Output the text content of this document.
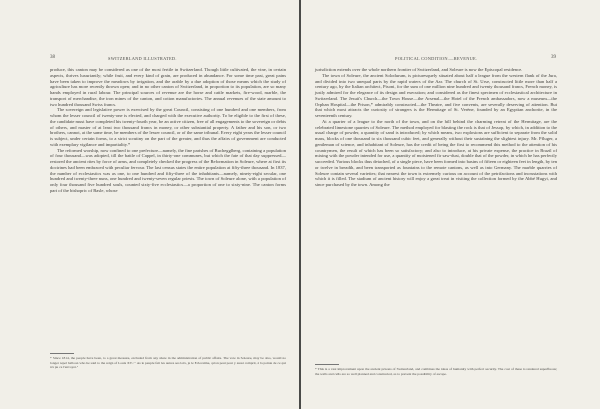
38	SWITZERLAND ILLUSTRATED.

produce, this canton may be considered as one of the most fertile in Switzerland. Though little cultivated, the vine, in certain aspects, thrives luxuriantly; while fruit, and every kind of grain, are produced in abundance. For some time past, great pains have been taken to improve the meadows by irrigation, and the arable by a due adoption of those means which the study of agriculture has more recently thrown open; and in no other canton of Switzerland, in proportion to its population, are so many hands employed in rural labour. The principal sources of revenue are the horse and cattle markets, fire-wood, marble, the transport of merchandise, the iron mines of the canton, and cotton manufactories. The annual revenues of the state amount to two hundred thousand Swiss francs.

The sovereign and legislative power is exercised by the great Council, consisting of one hundred and one members, from whom the lesser council of twenty-one is elected, and charged with the executive authority. To be eligible to the first of these, the candidate must have completed his twenty-fourth year, be an active citizen, free of all engagements to the sovereign or debts of others, and master of at least two thousand francs in money, or other substantial property. A father and his son, or two brothers, cannot, at the same time, be members of the lesser council, or of the same tribunal. Every eight years the lesser council is subject, under certain forms, to a strict scrutiny on the part of the greater, and thus the affairs of government are conducted with exemplary vigilance and impartiality.*

The reformed worship, now confined to one prefecture—namely, the fine parishes of Buchegglberg, containing a population of four thousand—was adopted, till the battle of Cappel, in thirty-one communes, but which the fate of that day suppressed—restored the ancient rites by force of arms, and completely checked the progress of the Reformation in Soleure, where at first its doctrines had been embraced with peculiar fervour. The last census states the entire population at fifty-three thousand. In 1837, the number of ecclesiastics was as one, to one hundred and fifty-three of the inhabitants—namely, ninety-eight secular, one hundred and twenty-three nuns, one hundred and twenty-seven regular priests. The town of Soleure alone, with a population of only four thousand five hundred souls, counted sixty-five ecclesiastics—a proportion of one to sixty-nine. The canton forms part of the bishopric of Basle, whose

* Since 1814, the people have been, to a great measure, excluded from any share in the administration of public affairs. The vote in Soleure, may be also, would no longer repel balloon who he said to the reign of Louis XV.: " As le peuple fait les autres ses loix, je le Eclecaime, qu'on peut pour y aussi comprit, à la pointe de ce qui n'a pu ce l'envoyer."
POLITICAL CONDITION.—REVENUE.	39

jurisdiction extends over the whole northern frontier of Switzerland, and Soleure is now the Episcopal residence.

The town of Soleure, the ancient Solodurum, is picturesquely situated about half a league from the western flank of the Jura, and divided into two unequal parts by the rapid waters of the Aar. The church of St. Urse, constructed little more than half a century ago, by the Italian architect, Pisoni, for the sum of one million nine hundred and twenty thousand francs, French money, is justly admired for the elegance of its design and execution; and considered as the finest specimen of ecclesiastical architecture in Switzerland. The Jesuit's Church—the Town House—the Arsenal—the Hotel of the French ambassadors, now a museum—the Orphan Hospital—the Prison,* admirably constructed—the Theatre, and five convents, are severally deserving of attention. But that which most attracts the curiosity of strangers is the Hermitage of St. Verène, founded by an Egyptian anchorite, in the seventeenth century.

At a quarter of a league to the north of the town, and on the hill behind the charming retreat of the Hermitage, are the celebrated limestone quarries of Soleure. The method employed for blasting the rock is that of Jessop, by which, in addition to the usual charge of powder, a quantity of sand is introduced; by which means, two explosions are sufficient to separate from the solid mass, blocks of one thousand to six thousand cubic feet, and generally without their sustaining the slightest injury. Mr. Pfluger, a gentleman of science, and inhabitant of Soleure, has the credit of being the first to recommend this method to the attention of his countrymen, the result of which has been so satisfactory; and also to introduce, at his private expense, the practice in Brazil of mixing with the powder intended for use, a quantity of moistened fir saw-dust, double that of the powder, in which he has perfectly succeeded. Various blocks thus detached, of a single piece, have been formed into basins of fifteen or eighteen feet in length, by ten or twelve in breadth, and been transported as fountains to the remote cantons, as well as into Germany. The marble quarries of Soleure contain several varieties; that nearest the town is extremely curious on account of the petrifactions and incrustations with which it is filled. The stadium of ancient history will enjoy a great treat in visiting the collection formed by the Abbé Hugyi, and since purchased by the town. Among the

* This is a vast improvement upon the ancient prisons of Switzerland, and combines the ideas of humanity with perfect security. The cost of these is rendered superfluous; the walls and cells are so well planned and constructed, as to prevent the possibility of escape.
